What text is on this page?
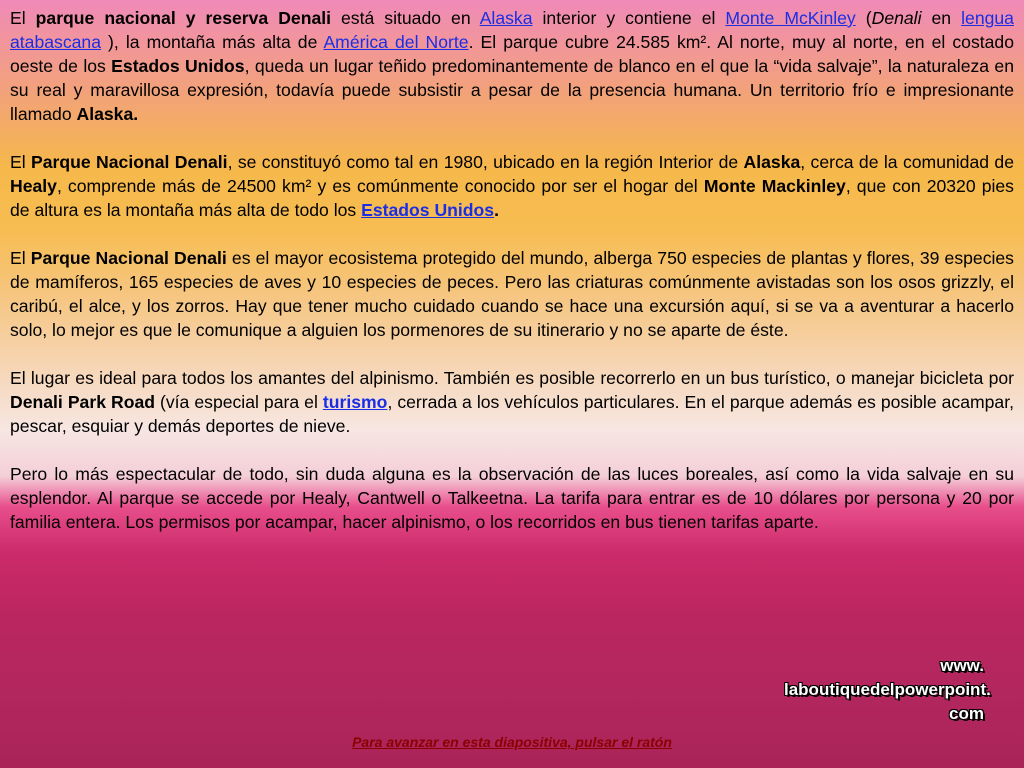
El parque nacional y reserva Denali está situado en Alaska interior y contiene el Monte McKinley (Denali en lengua atabascana ), la montaña más alta de América del Norte. El parque cubre 24.585 km². Al norte, muy al norte, en el costado oeste de los Estados Unidos, queda un lugar teñido predominantemente de blanco en el que la “vida salvaje”, la naturaleza en su real y maravillosa expresión, todavía puede subsistir a pesar de la presencia humana. Un territorio frío e impresionante llamado Alaska.

El Parque Nacional Denali, se constituyó como tal en 1980, ubicado en la región Interior de Alaska, cerca de la comunidad de Healy, comprende más de 24500 km² y es comúnmente conocido por ser el hogar del Monte Mackinley, que con 20320 pies de altura es la montaña más alta de todo los Estados Unidos.

El Parque Nacional Denali es el mayor ecosistema protegido del mundo, alberga 750 especies de plantas y flores, 39 especies de mamíferos, 165 especies de aves y 10 especies de peces. Pero las criaturas comúnmente avistadas son los osos grizzly, el caribú, el alce, y los zorros. Hay que tener mucho cuidado cuando se hace una excursión aquí, si se va a aventurar a hacerlo solo, lo mejor es que le comunique a alguien los pormenores de su itinerario y no se aparte de éste.

El lugar es ideal para todos los amantes del alpinismo. También es posible recorrerlo en un bus turístico, o manejar bicicleta por Denali Park Road (vía especial para el turismo, cerrada a los vehículos particulares. En el parque además es posible acampar, pescar, esquiar y demás deportes de nieve.

Pero lo más espectacular de todo, sin duda alguna es la observación de las luces boreales, así como la vida salvaje en su esplendor. Al parque se accede por Healy, Cantwell o Talkeetna. La tarifa para entrar es de 10 dólares por persona y 20 por familia entera. Los permisos por acampar, hacer alpinismo, o los recorridos en bus tienen tarifas aparte.

www.
laboutiquedelpowerpoint.
com
Para avanzar en esta diapositiva, pulsar el ratón
